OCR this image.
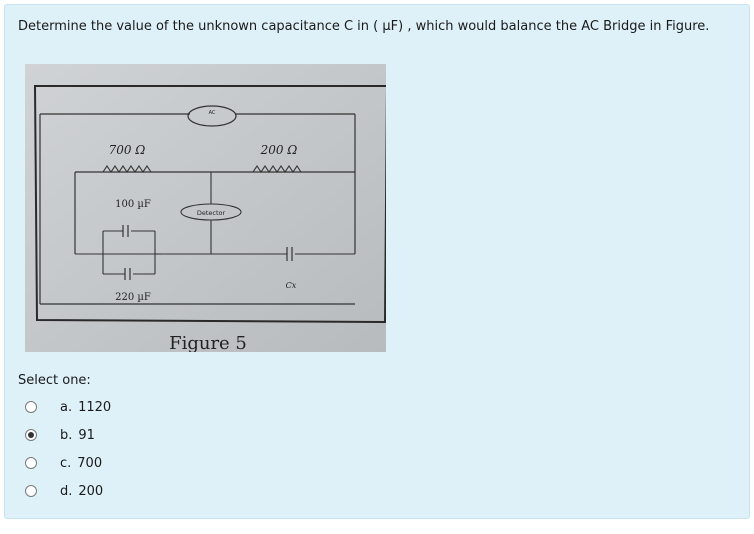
Determine the value of the unknown capacitance C in ( µF) , which would balance the AC Bridge in Figure.

AC
700 Ω	200 Ω
Detector
Cx
100 µF
220 µF
Figure 5
Select one:
a. 1120
b. 91
c. 700
d. 200
